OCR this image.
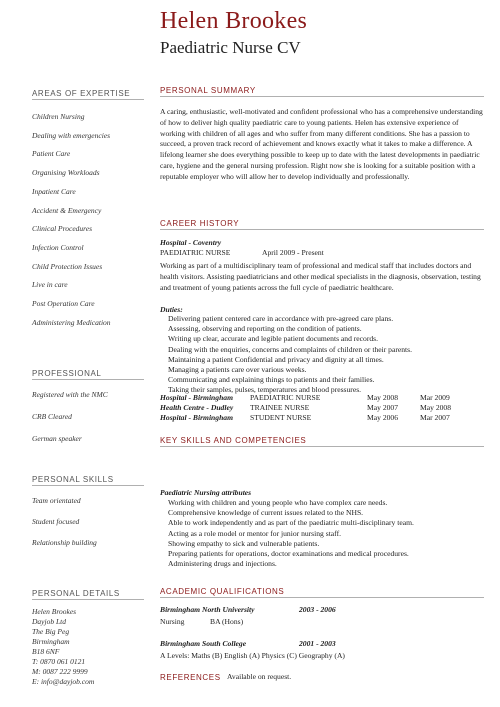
Helen Brookes
Paediatric Nurse CV
AREAS OF EXPERTISE
Children Nursing
Dealing with emergencies
Patient Care
Organising Workloads
Inpatient Care
Accident & Emergency
Clinical Procedures
Infection Control
Child Protection Issues
Live in care
Post Operation Care
Administering Medication
PROFESSIONAL
Registered with the NMC
CRB Cleared
German speaker
PERSONAL SKILLS
Team orientated
Student focused
Relationship building
PERSONAL DETAILS
Helen Brookes
Dayjob Ltd
The Big Peg
Birmingham
B18 6NF
T: 0870 061 0121
M: 0087 222 9999
E: info@dayjob.com
PERSONAL SUMMARY
A caring, enthusiastic, well-motivated and confident professional who has a comprehensive understanding of how to deliver high quality paediatric care to young patients. Helen has extensive experience of working with children of all ages and who suffer from many different conditions. She has a passion to succeed, a proven track record of achievement and knows exactly what it takes to make a difference. A lifelong learner she does everything possible to keep up to date with the latest developments in paediatric care, hygiene and the general nursing profession. Right now she is looking for a suitable position with a reputable employer who will allow her to develop individually and professionally.
CAREER HISTORY
Hospital - Coventry
PAEDIATRIC NURSE	April 2009 - Present
Working as part of a multidisciplinary team of professional and medical staff that includes doctors and health visitors. Assisting paediatricians and other medical specialists in the diagnosis, observation, testing and treatment of young patients across the full cycle of paediatric healthcare.
Duties:
Delivering patient centered care in accordance with pre-agreed care plans.
Assessing, observing and reporting on the condition of patients.
Writing up clear, accurate and legible patient documents and records.
Dealing with the enquiries, concerns and complaints of children or their parents.
Maintaining a patient Confidential and privacy and dignity at all times.
Managing a patients care over various weeks.
Communicating and explaining things to patients and their families.
Taking their samples, pulses, temperatures and blood pressures.
Hospital - Birmingham PAEDIATRIC NURSE	May 2008	Mar 2009
Health Centre - Dudley TRAINEE NURSE	May 2007	May 2008
Hospital - Birmingham STUDENT NURSE	May 2006	Mar 2007
KEY SKILLS AND COMPETENCIES
Paediatric Nursing attributes
Working with children and young people who have complex care needs.
Comprehensive knowledge of current issues related to the NHS.
Able to work independently and as part of the paediatric multi-disciplinary team.
Acting as a role model or mentor for junior nursing staff.
Showing empathy to sick and vulnerable patients.
Preparing patients for operations, doctor examinations and medical procedures.
Administering drugs and injections.
ACADEMIC QUALIFICATIONS
Birmingham North University	2003 - 2006
Nursing	BA (Hons)
Birmingham South College	2001 - 2003
A Levels: Maths (B) English (A) Physics (C) Geography (A)
REFERENCES Available on request.
